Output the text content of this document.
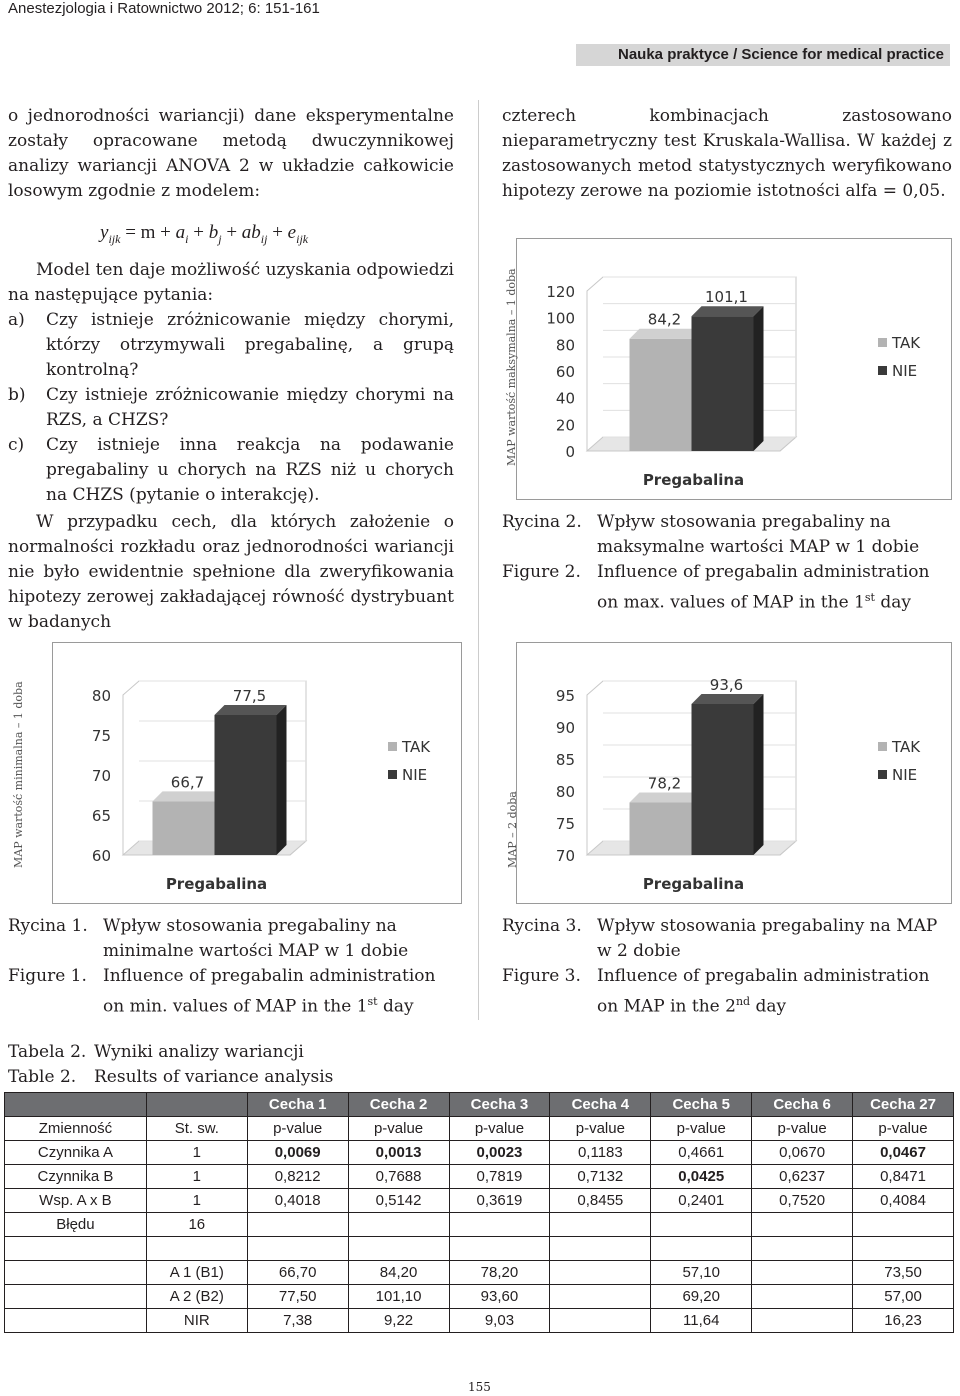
Anestezjologia i Ratownictwo 2012; 6: 151-161
Nauka praktyce / Science for medical practice

o jednorodności wariancji) dane eksperymentalne zostały opracowane metodą dwuczynnikowej analizy wariancji ANOVA 2 w układzie całkowicie losowym zgodnie z modelem:

$y_{ijk} = m + a_i + b_j + ab_{ij} + e_{ijk}$

Model ten daje możliwość uzyskania odpowiedzi na następujące pytania:

a) Czy istnieje zróżnicowanie między chorymi, którzy otrzymywali pregabalinę, a grupą kontrolną?
b) Czy istnieje zróżnicowanie między chorymi na RZS, a CHZS?
c) Czy istnieje inna reakcja na podawanie pregabaliny u chorych na RZS niż u chorych na CHZS (pytanie o interakcję).

W przypadku cech, dla których założenie o normalności rozkładu oraz jednorodności wariancji nie było ewidentnie spełnione dla zweryfikowania hipotezy zerowej zakładającej równość dystrybuant w badanych

czterech kombinacjach zastosowano nieparametryczny test Kruskala-Wallisa. W każdej z zastosowanych metod statystycznych weryfikowano hipotezy zerowe na poziomie istotności alfa = 0,05.

0
20
40
60
80
100
120
84,2
101,1
Pregabalina
TAK
NIE
MAP wartość maksymalna – 1 doba
60
65
70
75
80
66,7
77,5
Pregabalina
TAK
NIE
MAP wartość minimalna – 1 doba	70
75
80
85
90
95
78,2
93,6
Pregabalina
TAK
NIE
MAP – 2 doba
Rycina 2. Wpływ stosowania pregabaliny na maksymalne wartości MAP w 1 dobie
Figure 2. Influence of pregabalin administration on max. values of MAP in the 1st day
Rycina 1. Wpływ stosowania pregabaliny na minimalne wartości MAP w 1 dobie
Figure 1. Influence of pregabalin administration on min. values of MAP in the 1st day
Rycina 3. Wpływ stosowania pregabaliny na MAP w 2 dobie
Figure 3. Influence of pregabalin administration on MAP in the 2nd day
Tabela 2. Wyniki analizy wariancji
Table 2.	Results of variance analysis
		Cecha 1	Cecha 2	Cecha 3	Cecha 4	Cecha 5	Cecha 6	Cecha 27
Zmienność	St. sw.	p-value	p-value	p-value	p-value	p-value	p-value	p-value
Czynnika A	1	0,0069	0,0013	0,0023	0,1183	0,4661	0,0670	0,0467
Czynnika B	1	0,8212	0,7688	0,7819	0,7132	0,0425	0,6237	0,8471
Wsp. A x B	1	0,4018	0,5142	0,3619	0,8455	0,2401	0,7520	0,4084
Błędu	16							

	A 1 (B1)	66,70	84,20	78,20		57,10		73,50
	A 2 (B2)	77,50	101,10	93,60		69,20		57,00
	NIR	7,38	9,22	9,03		11,64		16,23
155
